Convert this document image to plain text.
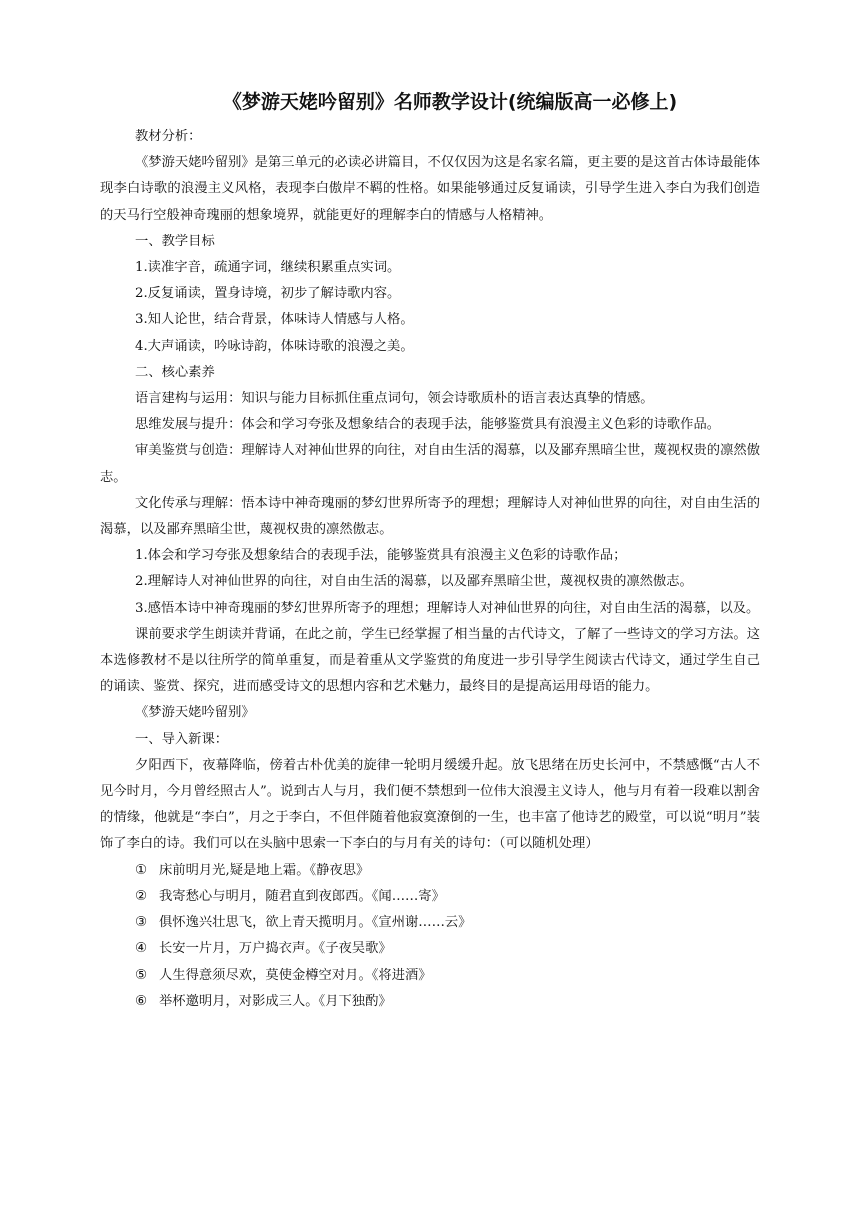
《梦游天姥吟留别》名师教学设计(统编版高一必修上)

教材分析：

《梦游天姥吟留别》是第三单元的必读必讲篇目，不仅仅因为这是名家名篇，更主要的是这首古体诗最能体现李白诗歌的浪漫主义风格，表现李白傲岸不羁的性格。如果能够通过反复诵读，引导学生进入李白为我们创造的天马行空般神奇瑰丽的想象境界，就能更好的理解李白的情感与人格精神。

一、教学目标

1.读准字音，疏通字词，继续积累重点实词。

2.反复诵读，置身诗境，初步了解诗歌内容。

3.知人论世，结合背景，体味诗人情感与人格。

4.大声诵读，吟咏诗韵，体味诗歌的浪漫之美。

二、核心素养

语言建构与运用：知识与能力目标抓住重点词句，领会诗歌质朴的语言表达真挚的情感。

思维发展与提升：体会和学习夸张及想象结合的表现手法，能够鉴赏具有浪漫主义色彩的诗歌作品。

审美鉴赏与创造：理解诗人对神仙世界的向往，对自由生活的渴慕，以及鄙弃黑暗尘世，蔑视权贵的凛然傲志。

文化传承与理解：悟本诗中神奇瑰丽的梦幻世界所寄予的理想；理解诗人对神仙世界的向往，对自由生活的渴慕，以及鄙弃黑暗尘世，蔑视权贵的凛然傲志。

1.体会和学习夸张及想象结合的表现手法，能够鉴赏具有浪漫主义色彩的诗歌作品；

2.理解诗人对神仙世界的向往，对自由生活的渴慕，以及鄙弃黑暗尘世，蔑视权贵的凛然傲志。

3.感悟本诗中神奇瑰丽的梦幻世界所寄予的理想；理解诗人对神仙世界的向往，对自由生活的渴慕，以及。

课前要求学生朗读并背诵，在此之前，学生已经掌握了相当量的古代诗文，了解了一些诗文的学习方法。这本选修教材不是以往所学的简单重复，而是着重从文学鉴赏的角度进一步引导学生阅读古代诗文，通过学生自己的诵读、鉴赏、探究，进而感受诗文的思想内容和艺术魅力，最终目的是提高运用母语的能力。

《梦游天姥吟留别》

一、导入新课：

夕阳西下，夜幕降临，傍着古朴优美的旋律一轮明月缓缓升起。放飞思绪在历史长河中，不禁感慨“古人不见今时月，今月曾经照古人”。说到古人与月，我们便不禁想到一位伟大浪漫主义诗人，他与月有着一段难以割舍的情缘，他就是“李白”，月之于李白，不但伴随着他寂寞潦倒的一生，也丰富了他诗艺的殿堂，可以说“明月”装饰了李白的诗。我们可以在头脑中思索一下李白的与月有关的诗句：（可以随机处理）

① 床前明月光,疑是地上霜。《静夜思》

② 我寄愁心与明月，随君直到夜郎西。《闻……寄》

③ 俱怀逸兴壮思飞，欲上青天揽明月。《宣州谢……云》

④ 长安一片月，万户捣衣声。《子夜吴歌》

⑤ 人生得意须尽欢，莫使金樽空对月。《将进酒》

⑥ 举杯邀明月，对影成三人。《月下独酌》
